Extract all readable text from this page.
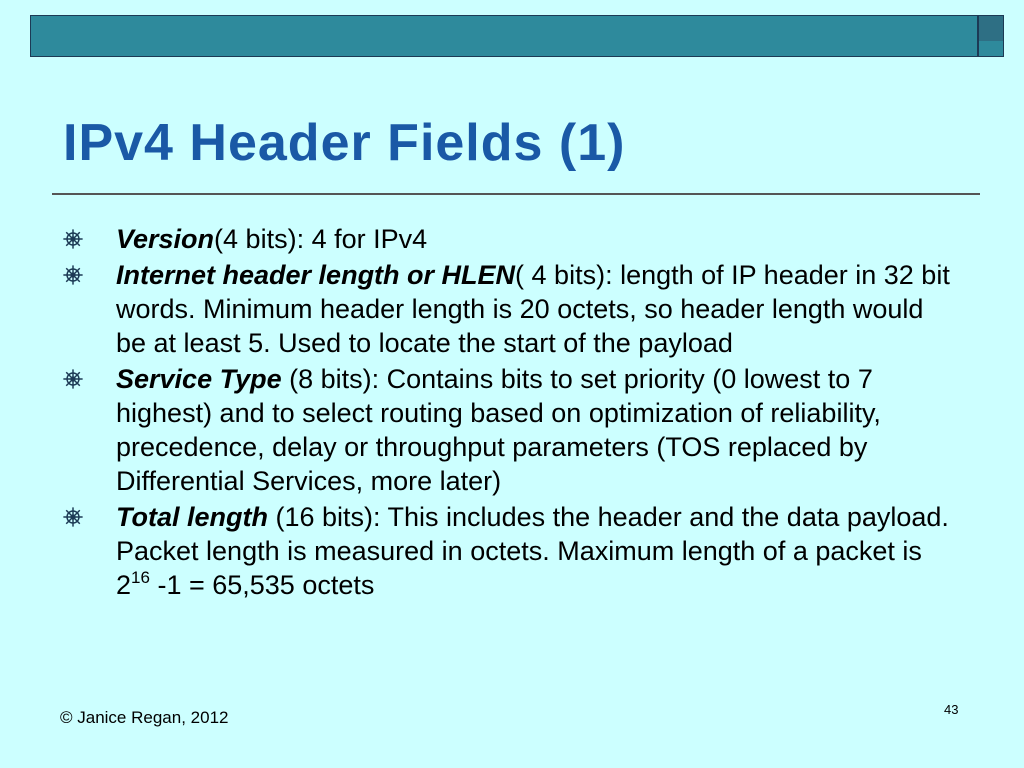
IPv4 Header Fields (1)
Version(4 bits): 4 for IPv4
Internet header length or HLEN( 4 bits): length of IP header in 32 bit words. Minimum header length is 20 octets, so header length would be at least 5. Used to locate the start of the payload
Service Type (8 bits): Contains bits to set priority (0 lowest to 7 highest) and to select routing based on optimization of reliability, precedence, delay or throughput parameters (TOS replaced by Differential Services, more later)
Total length (16 bits): This includes the header and the data payload. Packet length is measured in octets. Maximum length of a packet is $2^{16}$ -1 = 65,535 octets
© Janice Regan, 2012	43
